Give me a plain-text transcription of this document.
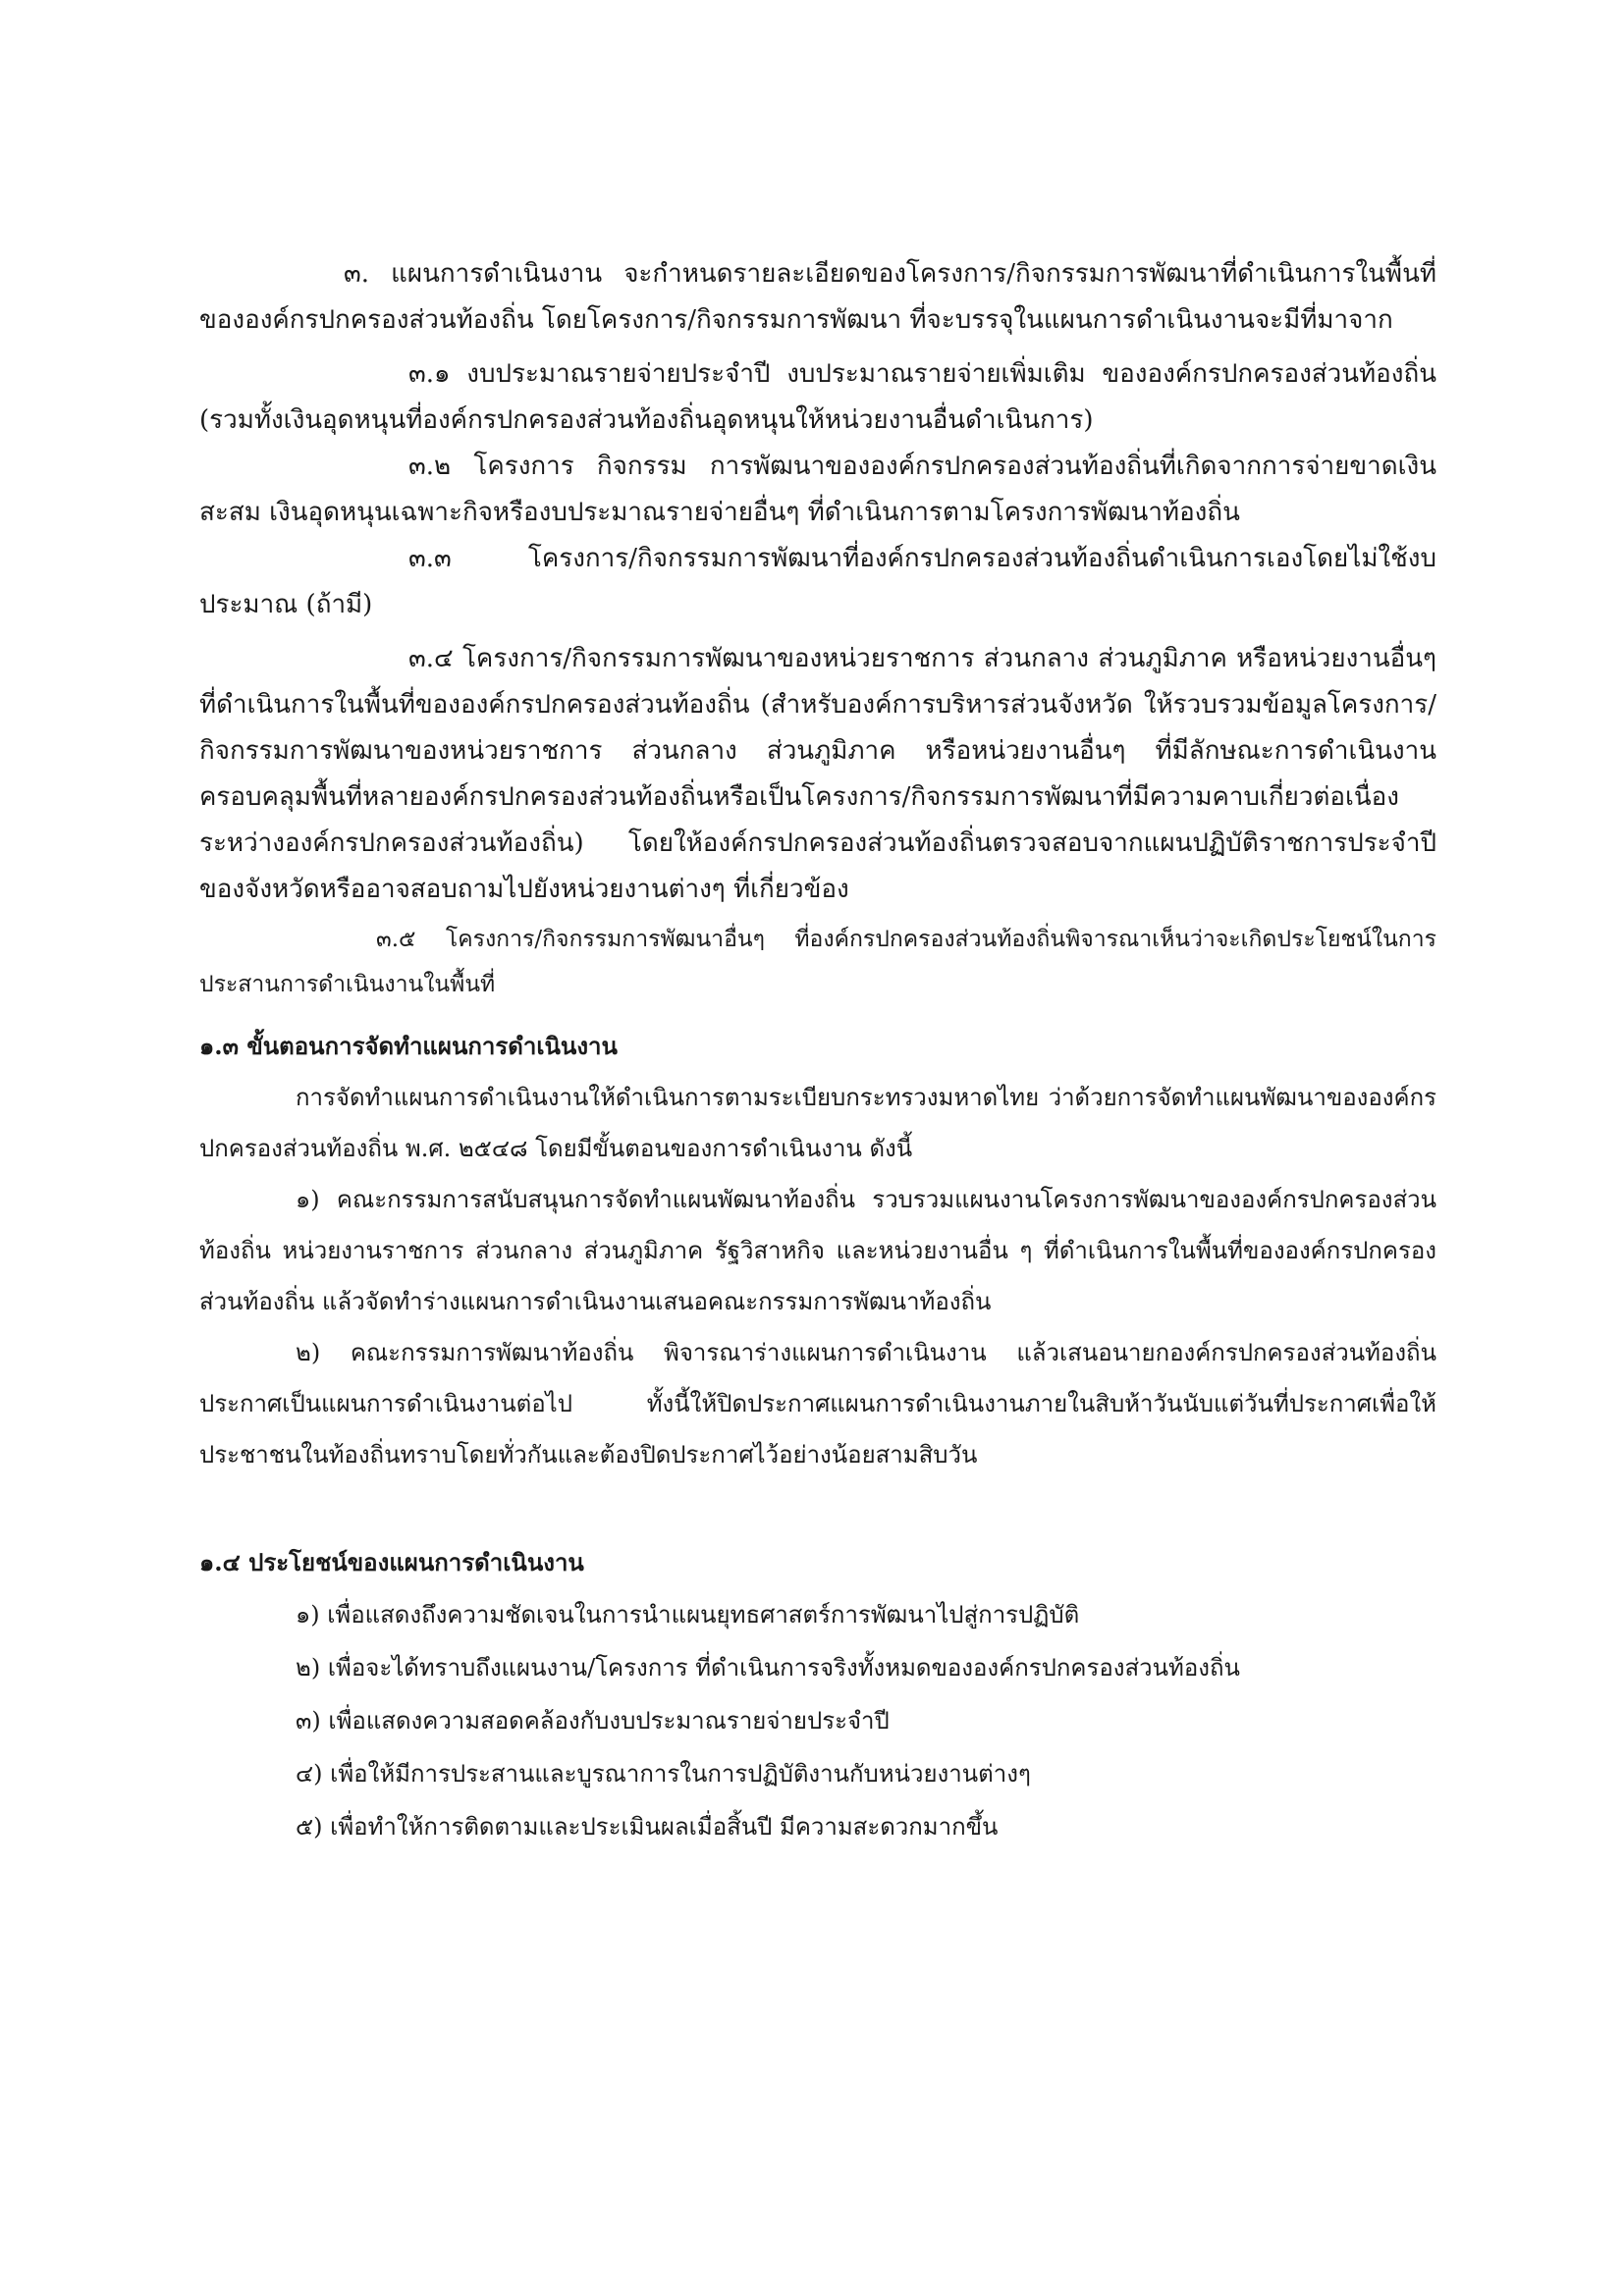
๓. แผนการดำเนินงาน จะกำหนดรายละเอียดของโครงการ/กิจกรรมการพัฒนาที่ดำเนินการในพื้นที่ขององค์กรปกครองส่วนท้องถิ่น โดยโครงการ/กิจกรรมการพัฒนา ที่จะบรรจุในแผนการดำเนินงานจะมีที่มาจาก

๓.๑ งบประมาณรายจ่ายประจำปี งบประมาณรายจ่ายเพิ่มเติม ขององค์กรปกครองส่วนท้องถิ่น (รวมทั้งเงินอุดหนุนที่องค์กรปกครองส่วนท้องถิ่นอุดหนุนให้หน่วยงานอื่นดำเนินการ)

๓.๒ โครงการ กิจกรรม การพัฒนาขององค์กรปกครองส่วนท้องถิ่นที่เกิดจากการจ่ายขาดเงินสะสม เงินอุดหนุนเฉพาะกิจหรืองบประมาณรายจ่ายอื่นๆ ที่ดำเนินการตามโครงการพัฒนาท้องถิ่น

๓.๓ โครงการ/กิจกรรมการพัฒนาที่องค์กรปกครองส่วนท้องถิ่นดำเนินการเองโดยไม่ใช้งบประมาณ (ถ้ามี)

๓.๔ โครงการ/กิจกรรมการพัฒนาของหน่วยราชการ ส่วนกลาง ส่วนภูมิภาค หรือหน่วยงานอื่นๆ ที่ดำเนินการในพื้นที่ขององค์กรปกครองส่วนท้องถิ่น (สำหรับองค์การบริหารส่วนจังหวัด ให้รวบรวมข้อมูลโครงการ/กิจกรรมการพัฒนาของหน่วยราชการ ส่วนกลาง ส่วนภูมิภาค หรือหน่วยงานอื่นๆ ที่มีลักษณะการดำเนินงานครอบคลุมพื้นที่หลายองค์กรปกครองส่วนท้องถิ่นหรือเป็นโครงการ/กิจกรรมการพัฒนาที่มีความคาบเกี่ยวต่อเนื่องระหว่างองค์กรปกครองส่วนท้องถิ่น) โดยให้องค์กรปกครองส่วนท้องถิ่นตรวจสอบจากแผนปฏิบัติราชการประจำปีของจังหวัดหรืออาจสอบถามไปยังหน่วยงานต่างๆ ที่เกี่ยวข้อง

๓.๕ โครงการ/กิจกรรมการพัฒนาอื่นๆ ที่องค์กรปกครองส่วนท้องถิ่นพิจารณาเห็นว่าจะเกิดประโยชน์ในการประสานการดำเนินงานในพื้นที่

๑.๓ ขั้นตอนการจัดทำแผนการดำเนินงาน

การจัดทำแผนการดำเนินงานให้ดำเนินการตามระเบียบกระทรวงมหาดไทย ว่าด้วยการจัดทำแผนพัฒนาขององค์กรปกครองส่วนท้องถิ่น พ.ศ. ๒๕๔๘ โดยมีขั้นตอนของการดำเนินงาน ดังนี้

๑) คณะกรรมการสนับสนุนการจัดทำแผนพัฒนาท้องถิ่น รวบรวมแผนงานโครงการพัฒนาขององค์กรปกครองส่วนท้องถิ่น หน่วยงานราชการ ส่วนกลาง ส่วนภูมิภาค รัฐวิสาหกิจ และหน่วยงานอื่น ๆ ที่ดำเนินการในพื้นที่ขององค์กรปกครองส่วนท้องถิ่น แล้วจัดทำร่างแผนการดำเนินงานเสนอคณะกรรมการพัฒนาท้องถิ่น

๒) คณะกรรมการพัฒนาท้องถิ่น พิจารณาร่างแผนการดำเนินงาน แล้วเสนอนายกองค์กรปกครองส่วนท้องถิ่นประกาศเป็นแผนการดำเนินงานต่อไป ทั้งนี้ให้ปิดประกาศแผนการดำเนินงานภายในสิบห้าวันนับแต่วันที่ประกาศเพื่อให้ประชาชนในท้องถิ่นทราบโดยทั่วกันและต้องปิดประกาศไว้อย่างน้อยสามสิบวัน

๑.๔ ประโยชน์ของแผนการดำเนินงาน
๑) เพื่อแสดงถึงความชัดเจนในการนำแผนยุทธศาสตร์การพัฒนาไปสู่การปฏิบัติ
๒) เพื่อจะได้ทราบถึงแผนงาน/โครงการ ที่ดำเนินการจริงทั้งหมดขององค์กรปกครองส่วนท้องถิ่น
๓) เพื่อแสดงความสอดคล้องกับงบประมาณรายจ่ายประจำปี
๔) เพื่อให้มีการประสานและบูรณาการในการปฏิบัติงานกับหน่วยงานต่างๆ
๕) เพื่อทำให้การติดตามและประเมินผลเมื่อสิ้นปี มีความสะดวกมากขึ้น
